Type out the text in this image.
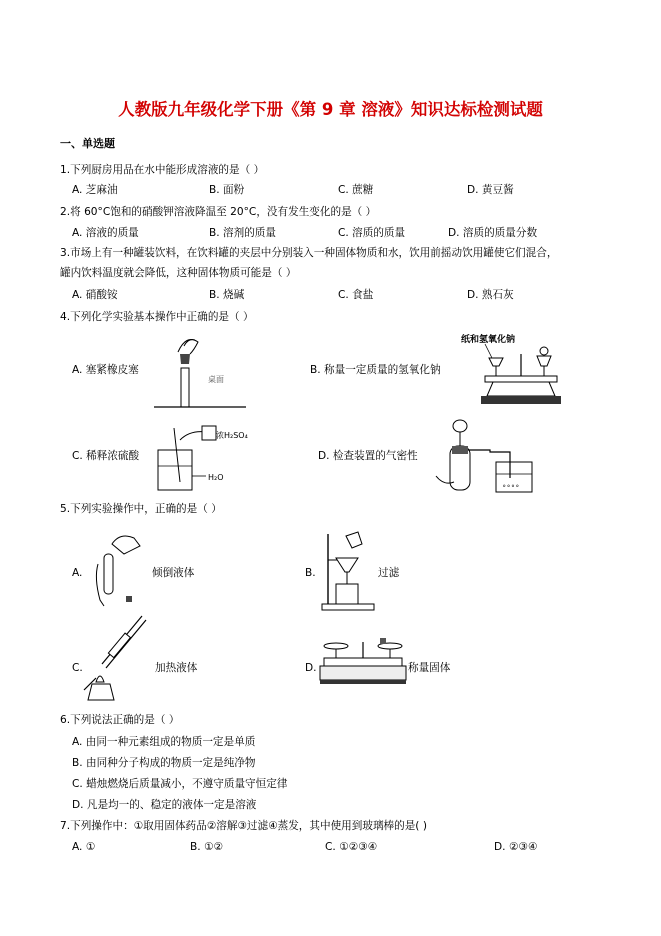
人教版九年级化学下册《第 9 章 溶液》知识达标检测试题
一、单选题
1.下列厨房用品在水中能形成溶液的是（ ）
A. 芝麻油	B. 面粉	C. 蔗糖	D. 黄豆酱
2.将 60°C饱和的硝酸钾溶液降温至 20°C，没有发生变化的是（ ）
A. 溶液的质量	B. 溶剂的质量	C. 溶质的质量	D. 溶质的质量分数
3.市场上有一种罐装饮料，在饮料罐的夹层中分别装入一种固体物质和水，饮用前摇动饮用罐使它们混合，
罐内饮料温度就会降低，这种固体物质可能是（ ）
A. 硝酸铵	B. 烧碱	C. 食盐	D. 熟石灰
4.下列化学实验基本操作中正确的是（ ）
A. 塞紧橡皮塞	B. 称量一定质量的氢氧化钠
C. 稀释浓硫酸	D. 检查装置的气密性
桌面
纸和氢氧化钠
浓H₂SO₄
H₂O
∘∘∘∘
5.下列实验操作中，正确的是（ ）
A.	倾倒液体	B.	过滤
C.	加热液体	D.	称量固体
6.下列说法正确的是（ ）
A. 由同一种元素组成的物质一定是单质
B. 由同种分子构成的物质一定是纯净物
C. 蜡烛燃烧后质量减小，不遵守质量守恒定律
D. 凡是均一的、稳定的液体一定是溶液
7.下列操作中：①取用固体药品②溶解③过滤④蒸发，其中使用到玻璃棒的是( )
A. ①	B. ①②	C. ①②③④	D. ②③④
